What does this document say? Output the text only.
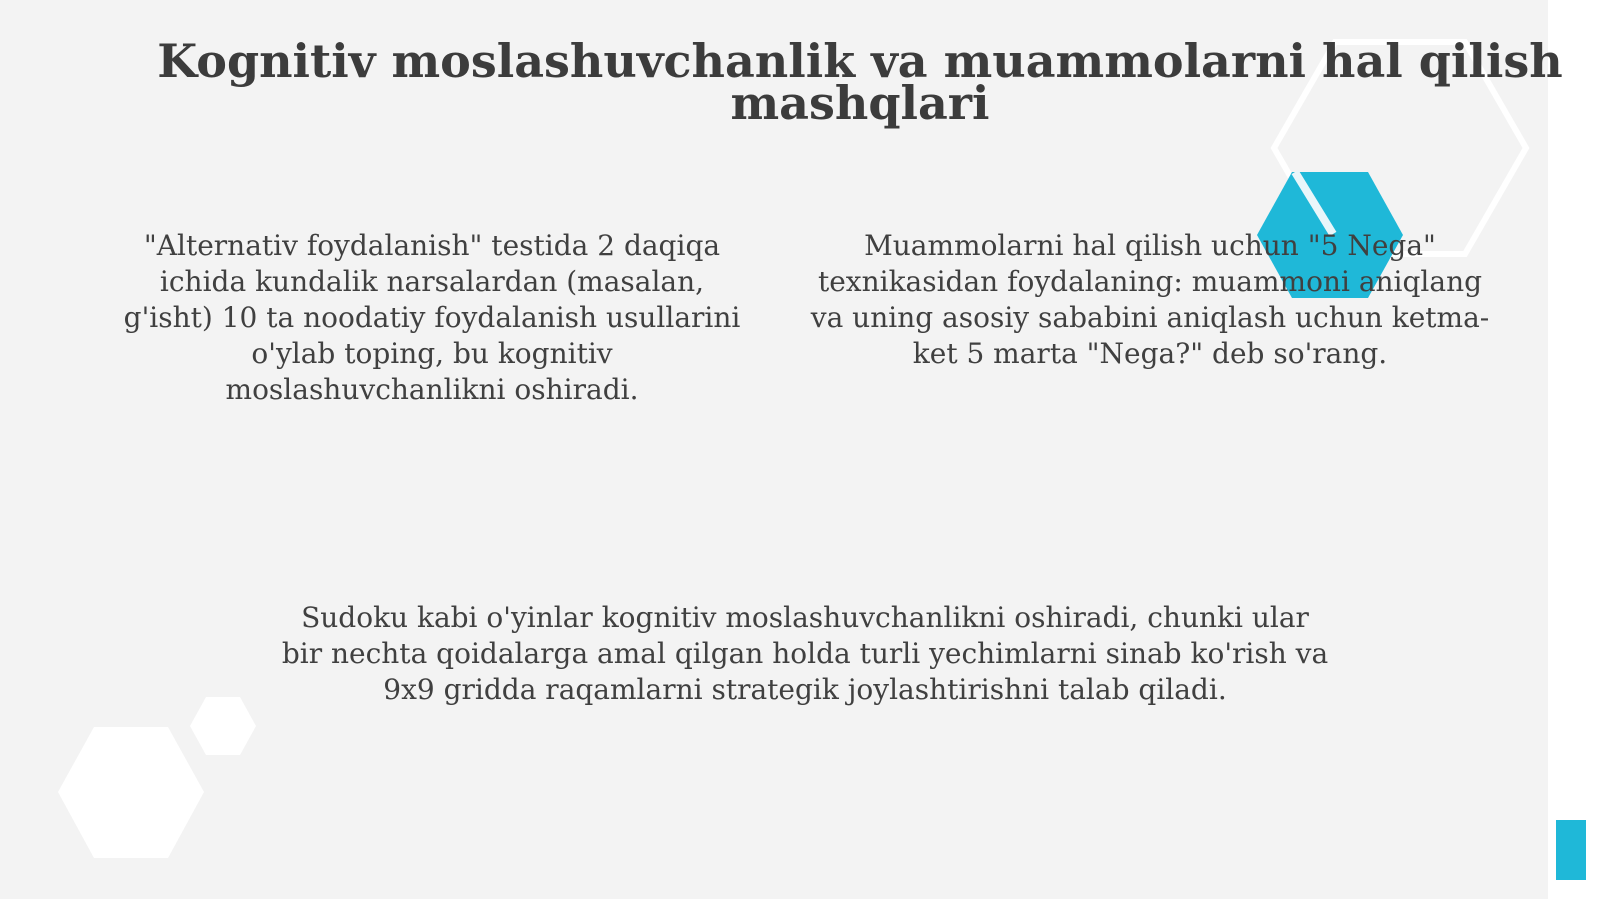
Kognitiv moslashuvchanlik va muammolarni hal qilish mashqlari

"Alternativ foydalanish" testida 2 daqiqa ichida kundalik narsalardan (masalan, g'isht) 10 ta noodatiy foydalanish usullarini o'ylab toping, bu kognitiv moslashuvchanlikni oshiradi.

Muammolarni hal qilish uchun "5 Nega" texnikasidan foydalaning: muammoni aniqlang va uning asosiy sababini aniqlash uchun ketma-ket 5 marta "Nega?" deb so'rang.

Sudoku kabi o'yinlar kognitiv moslashuvchanlikni oshiradi, chunki ular bir nechta qoidalarga amal qilgan holda turli yechimlarni sinab ko'rish va 9x9 gridda raqamlarni strategik joylashtirishni talab qiladi.
